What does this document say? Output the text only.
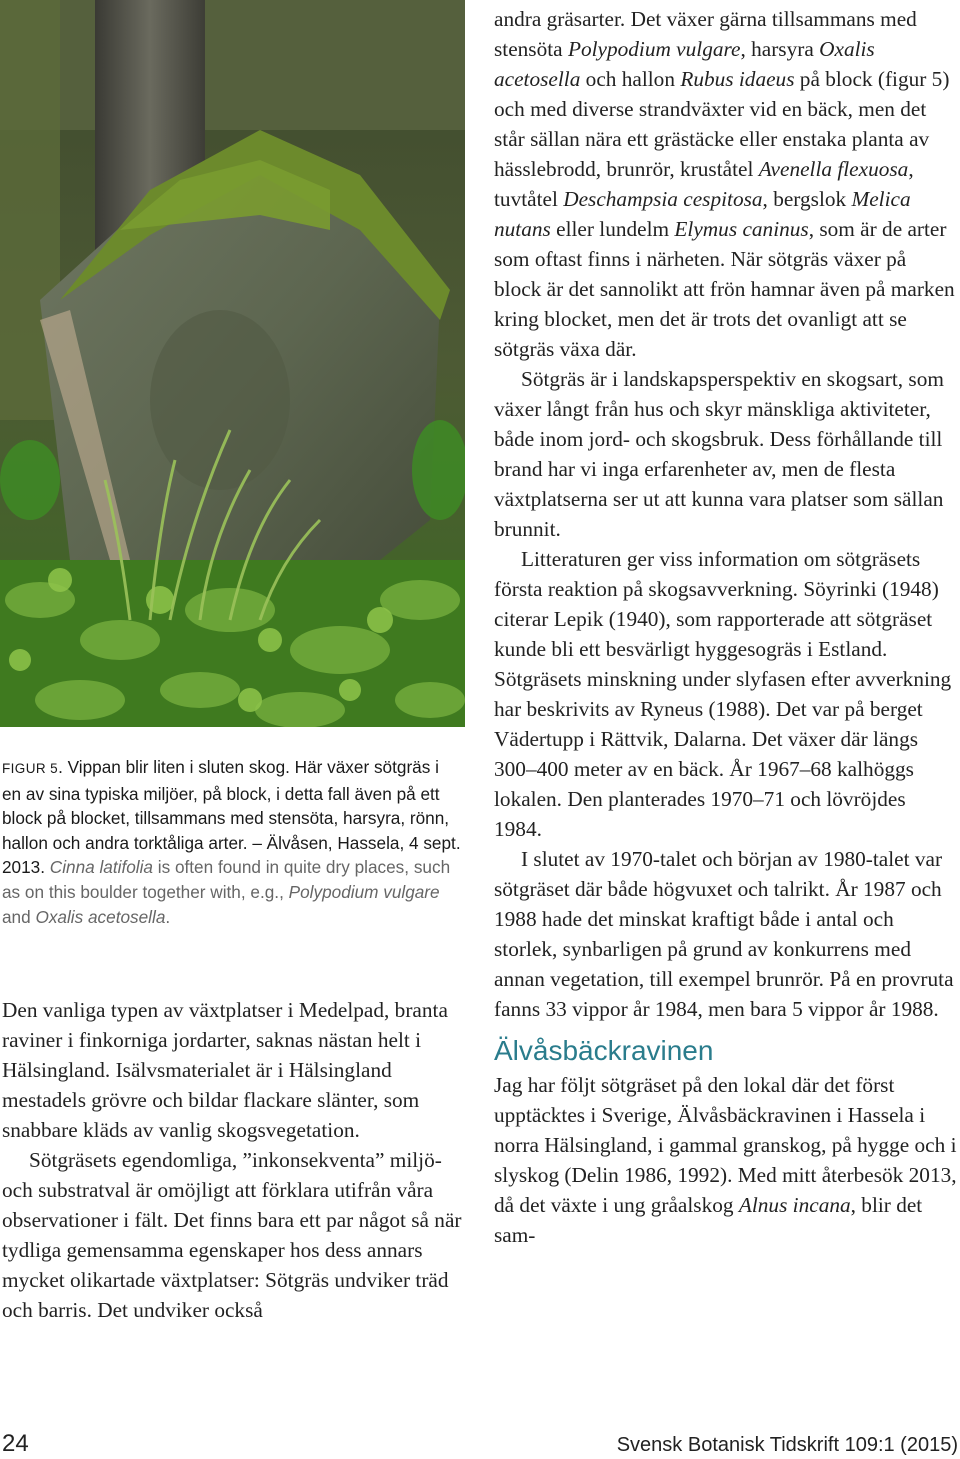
FIGUR 5. Vippan blir liten i sluten skog. Här växer sötgräs i en av sina typiska miljöer, på block, i detta fall även på ett block på blocket, tillsammans med stensöta, harsyra, rönn, hallon och andra torktåliga arter. – Älvåsen, Hassela, 4 sept. 2013. Cinna latifolia is often found in quite dry places, such as on this boulder together with, e.g., Polypodium vulgare and Oxalis acetosella.

Den vanliga typen av växtplatser i Medelpad, branta raviner i finkorniga jordarter, saknas nästan helt i Hälsingland. Isälvsmaterialet är i Hälsingland mestadels grövre och bildar flackare slänter, som snabbare kläds av vanlig skogsvegetation.

Sötgräsets egendomliga, ”inkonsekventa” miljö- och substratval är omöjligt att förklara utifrån våra observationer i fält. Det finns bara ett par något så när tydliga gemensamma egenskaper hos dess annars mycket olikartade växtplatser: Sötgräs undviker träd och barris. Det undviker också

andra gräsarter. Det växer gärna tillsammans med stensöta Polypodium vulgare, harsyra Oxalis acetosella och hallon Rubus idaeus på block (figur 5) och med diverse strandväxter vid en bäck, men det står sällan nära ett grästäcke eller enstaka planta av hässlebrodd, brunrör, kruståtel Avenella flexuosa, tuvtåtel Deschampsia cespitosa, bergslok Melica nutans eller lundelm Elymus caninus, som är de arter som oftast finns i närheten. När sötgräs växer på block är det sannolikt att frön hamnar även på marken kring blocket, men det är trots det ovanligt att se sötgräs växa där.

Sötgräs är i landskapsperspektiv en skogsart, som växer långt från hus och skyr mänskliga aktiviteter, både inom jord- och skogsbruk. Dess förhållande till brand har vi inga erfarenheter av, men de flesta växtplatserna ser ut att kunna vara platser som sällan brunnit.

Litteraturen ger viss information om sötgräsets första reaktion på skogsavverkning. Söyrinki (1948) citerar Lepik (1940), som rapporterade att sötgräset kunde bli ett besvärligt hyggesogräs i Estland. Sötgräsets minskning under slyfasen efter avverkning har beskrivits av Ryneus (1988). Det var på berget Vädertupp i Rättvik, Dalarna. Det växer där längs 300–400 meter av en bäck. År 1967–68 kalhöggs lokalen. Den planterades 1970–71 och lövröjdes 1984.

I slutet av 1970-talet och början av 1980-talet var sötgräset där både högvuxet och talrikt. År 1987 och 1988 hade det minskat kraftigt både i antal och storlek, synbarligen på grund av konkurrens med annan vegetation, till exempel brunrör. På en provruta fanns 33 vippor år 1984, men bara 5 vippor år 1988.

Älvåsbäckravinen

Jag har följt sötgräset på den lokal där det först upptäcktes i Sverige, Älvåsbäckravinen i Hassela i norra Hälsingland, i gammal granskog, på hygge och i slyskog (Delin 1986, 1992). Med mitt återbesök 2013, då det växte i ung gråalskog Alnus incana, blir det sam-

24	Svensk Botanisk Tidskrift 109:1 (2015)
